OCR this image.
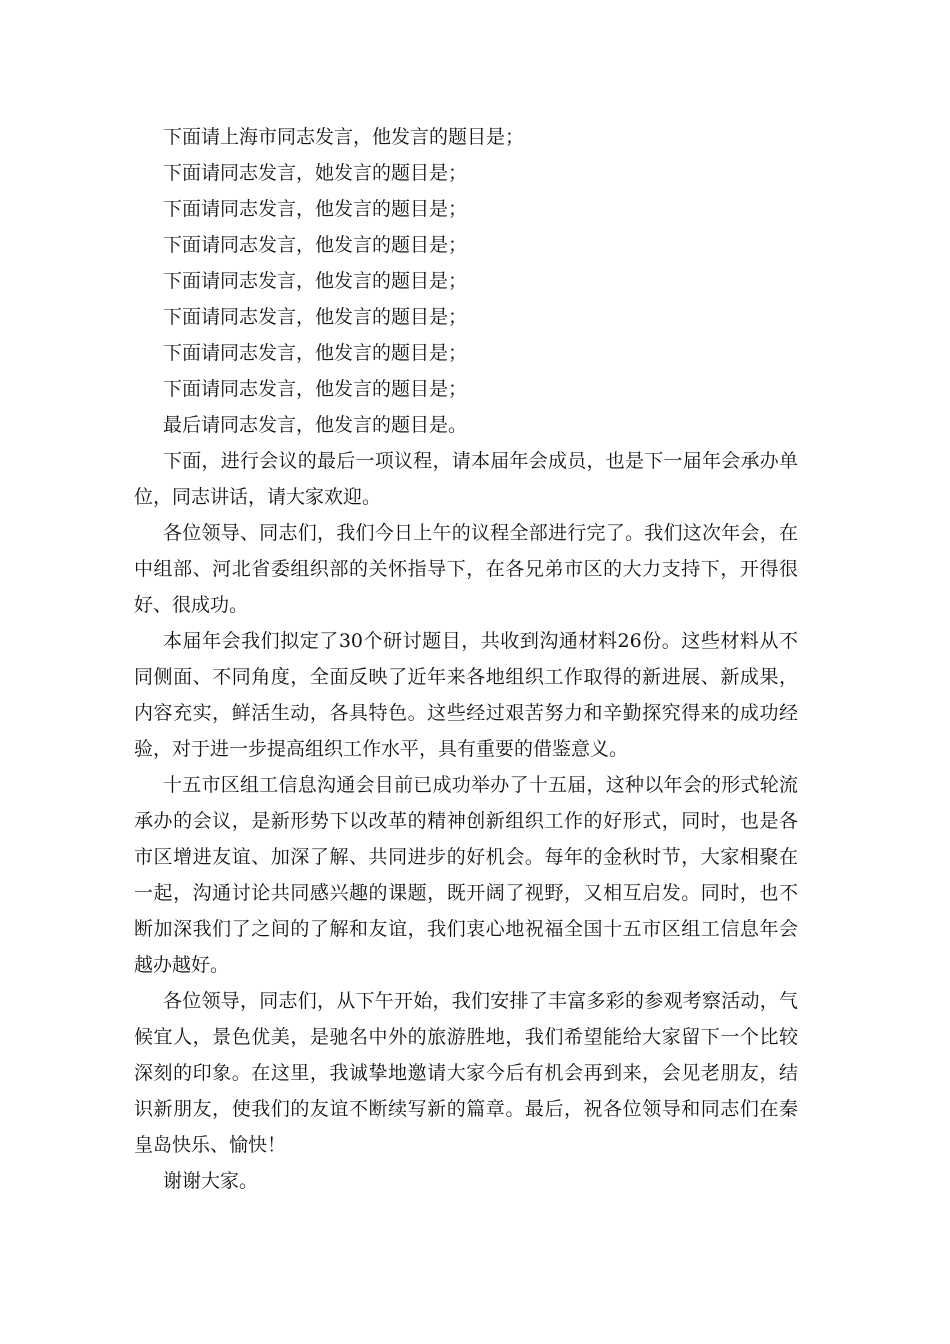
下面请上海市同志发言，他发言的题目是；

下面请同志发言，她发言的题目是；

下面请同志发言，他发言的题目是；

下面请同志发言，他发言的题目是；

下面请同志发言，他发言的题目是；

下面请同志发言，他发言的题目是；

下面请同志发言，他发言的题目是；

下面请同志发言，他发言的题目是；

最后请同志发言，他发言的题目是。

下面，进行会议的最后一项议程，请本届年会成员，也是下一届年会承办单位，同志讲话，请大家欢迎。

各位领导、同志们，我们今日上午的议程全部进行完了。我们这次年会，在中组部、河北省委组织部的关怀指导下，在各兄弟市区的大力支持下，开得很好、很成功。

本届年会我们拟定了30个研讨题目，共收到沟通材料26份。这些材料从不同侧面、不同角度，全面反映了近年来各地组织工作取得的新进展、新成果，内容充实，鲜活生动，各具特色。这些经过艰苦努力和辛勤探究得来的成功经验，对于进一步提高组织工作水平，具有重要的借鉴意义。

十五市区组工信息沟通会目前已成功举办了十五届，这种以年会的形式轮流承办的会议，是新形势下以改革的精神创新组织工作的好形式，同时，也是各市区增进友谊、加深了解、共同进步的好机会。每年的金秋时节，大家相聚在一起，沟通讨论共同感兴趣的课题，既开阔了视野，又相互启发。同时，也不断加深我们了之间的了解和友谊，我们衷心地祝福全国十五市区组工信息年会越办越好。

各位领导，同志们，从下午开始，我们安排了丰富多彩的参观考察活动，气候宜人，景色优美，是驰名中外的旅游胜地，我们希望能给大家留下一个比较深刻的印象。在这里，我诚挚地邀请大家今后有机会再到来，会见老朋友，结识新朋友，使我们的友谊不断续写新的篇章。最后，祝各位领导和同志们在秦皇岛快乐、愉快！

谢谢大家。
